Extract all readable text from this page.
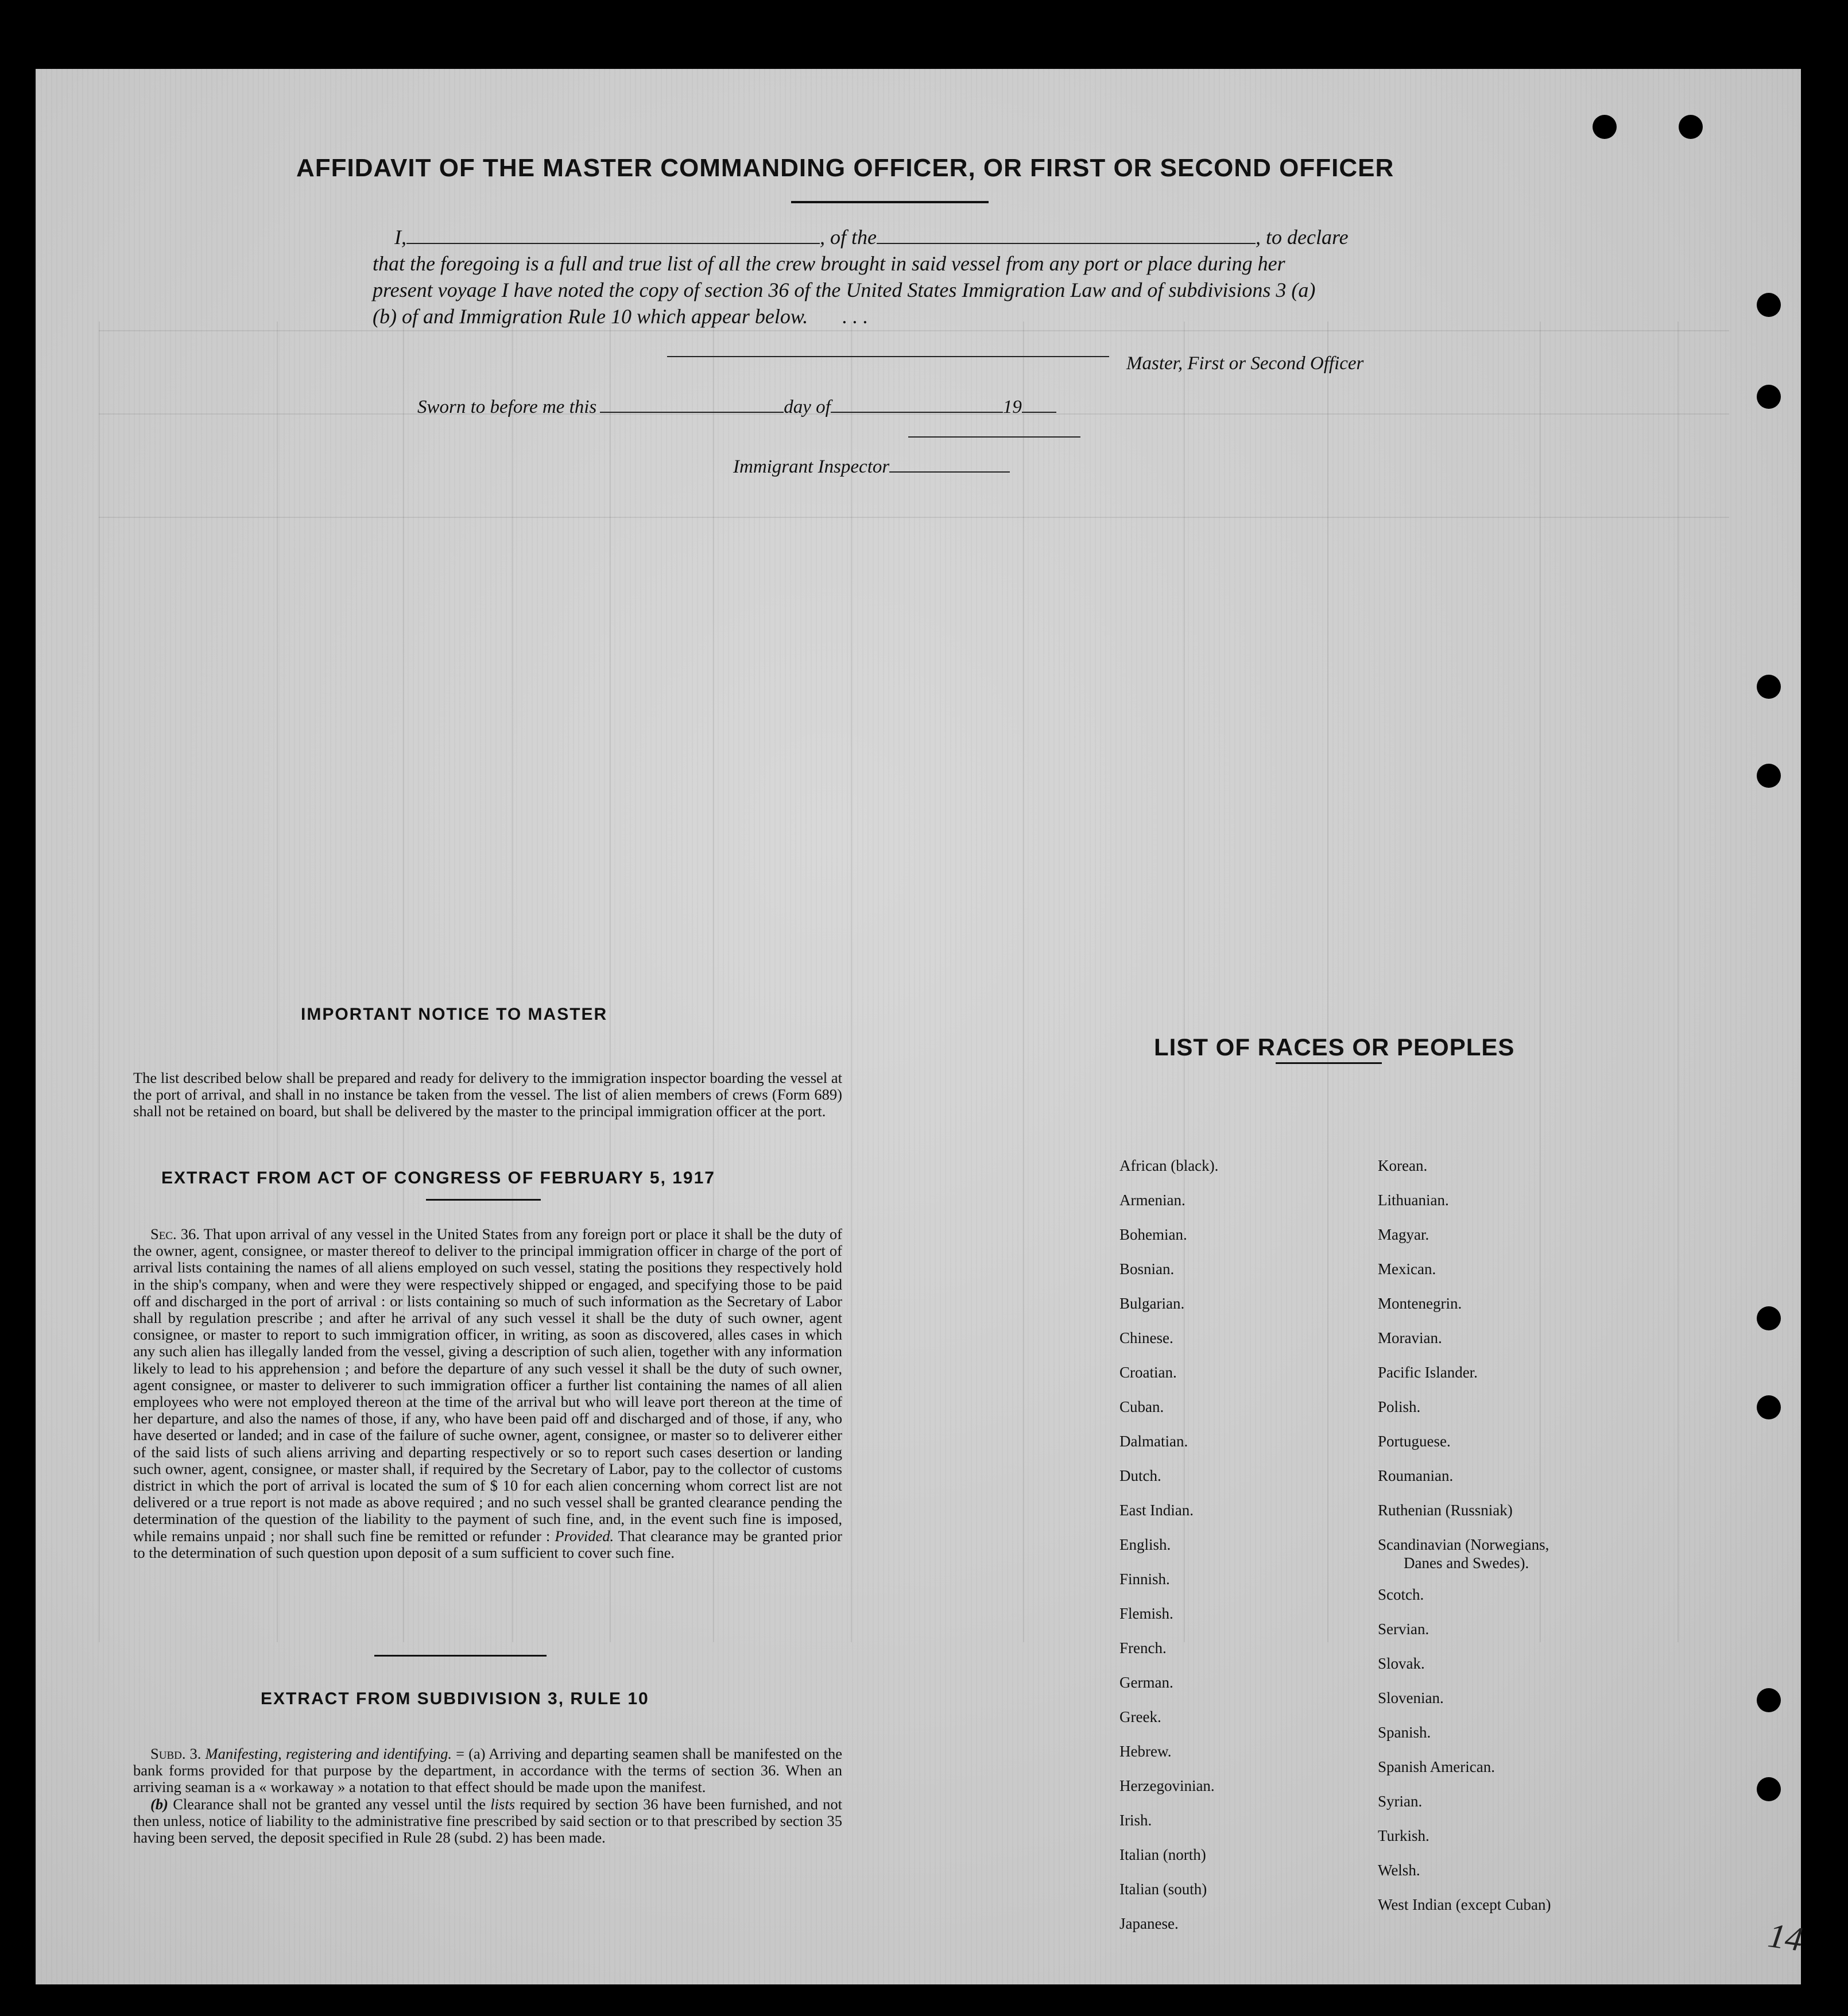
AFFIDAVIT OF THE MASTER COMMANDING OFFICER, OR FIRST OR SECOND OFFICER
I,	, of the	, to declare
that the foregoing is a full and true list of all the crew brought in said vessel from any port or place during her
present voyage I have noted the copy of section 36 of the United States Immigration Law and of subdivisions 3 (a)
(b) of and Immigration Rule 10 which appear below. . . .
Master, First or Second Officer
Sworn to before me this	day of	19
Immigrant Inspector
IMPORTANT NOTICE TO MASTER
The list described below shall be prepared and ready for delivery to the immigration inspector boarding the vessel at the port of arrival, and shall in no instance be taken from the vessel. The list of alien members of crews (Form 689) shall not be retained on board, but shall be delivered by the master to the principal immigration officer at the port.
EXTRACT FROM ACT OF CONGRESS OF FEBRUARY 5, 1917

Sec. 36. That upon arrival of any vessel in the United States from any foreign port or place it shall be the duty of the owner, agent, consignee, or master thereof to deliver to the principal immigration officer in charge of the port of arrival lists containing the names of all aliens employed on such vessel, stating the positions they respectively hold in the ship's company, when and were they were respectively shipped or engaged, and specifying those to be paid off and discharged in the port of arrival : or lists containing so much of such information as the Secretary of Labor shall by regulation prescribe ; and after he arrival of any such vessel it shall be the duty of such owner, agent consignee, or master to report to such immigration officer, in writing, as soon as discovered, alles cases in which any such alien has illegally landed from the vessel, giving a description of such alien, together with any information likely to lead to his apprehension ; and before the departure of any such vessel it shall be the duty of such owner, agent consignee, or master to deliverer to such immigration officer a further list containing the names of all alien employees who were not employed thereon at the time of the arrival but who will leave port thereon at the time of her departure, and also the names of those, if any, who have been paid off and discharged and of those, if any, who have deserted or landed; and in case of the failure of suche owner, agent, consignee, or master so to deliverer either of the said lists of such aliens arriving and departing respectively or so to report such cases desertion or landing such owner, agent, consignee, or master shall, if required by the Secretary of Labor, pay to the collector of customs district in which the port of arrival is located the sum of $ 10 for each alien concerning whom correct list are not delivered or a true report is not made as above required ; and no such vessel shall be granted clearance pending the determination of the question of the liability to the payment of such fine, and, in the event such fine is imposed, while remains unpaid ; nor shall such fine be remitted or refunder : Provided. That clearance may be granted prior to the determination of such question upon deposit of a sum sufficient to cover such fine.

EXTRACT FROM SUBDIVISION 3, RULE 10

Subd. 3. Manifesting, registering and identifying. = (a) Arriving and departing seamen shall be manifested on the bank forms provided for that purpose by the department, in accordance with the terms of section 36. When an arriving seaman is a « workaway » a notation to that effect should be made upon the manifest.

(b) Clearance shall not be granted any vessel until the lists required by section 36 have been furnished, and not then unless, notice of liability to the administrative fine prescribed by said section or to that prescribed by section 35 having been served, the deposit specified in Rule 28 (subd. 2) has been made.

LIST OF RACES OR PEOPLES
African (black).
Armenian.
Bohemian.
Bosnian.
Bulgarian.
Chinese.
Croatian.
Cuban.
Dalmatian.
Dutch.
East Indian.
English.
Finnish.
Flemish.
French.
German.
Greek.
Hebrew.
Herzegovinian.
Irish.
Italian (north)
Italian (south)
Japanese.
Korean.
Lithuanian.
Magyar.
Mexican.
Montenegrin.
Moravian.
Pacific Islander.
Polish.
Portuguese.
Roumanian.
Ruthenian (Russniak)
Scandinavian (Norwegians,
Danes and Swedes).
Scotch.
Servian.
Slovak.
Slovenian.
Spanish.
Spanish American.
Syrian.
Turkish.
Welsh.
West Indian (except Cuban)
14
